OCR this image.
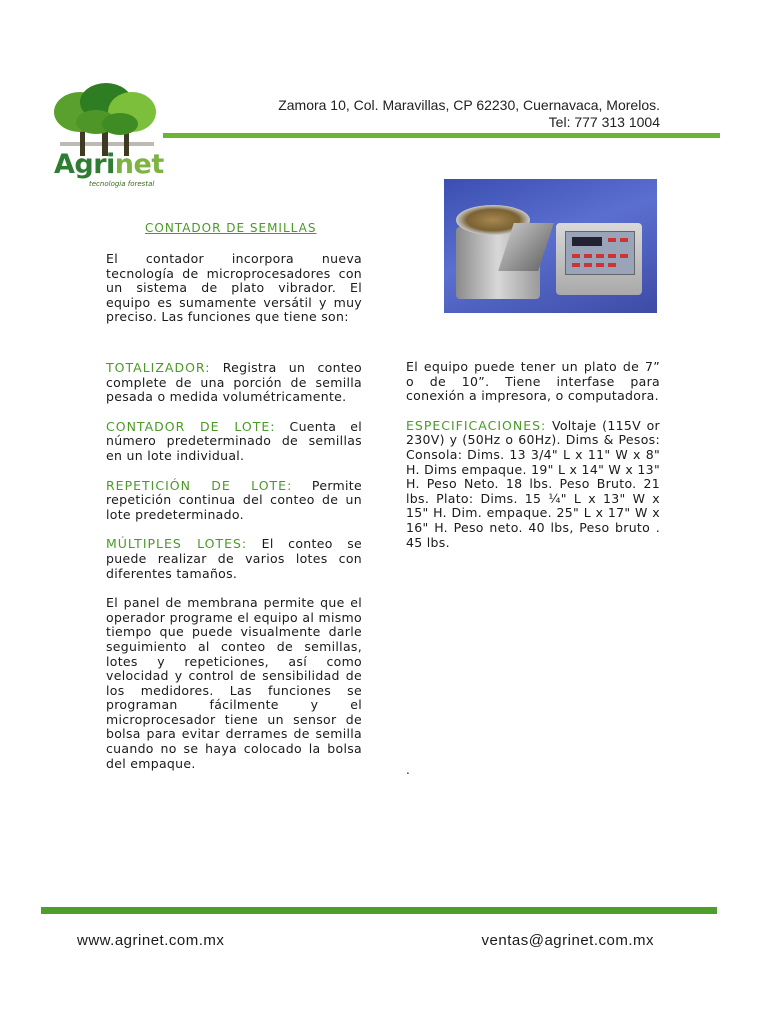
Agrinet
tecnologia forestal
Zamora 10, Col. Maravillas, CP 62230, Cuernavaca, Morelos.
Tel: 777 313 1004
CONTADOR DE SEMILLAS

El contador incorpora nueva tecnología de microprocesadores con un sistema de plato vibrador. El equipo es sumamente versátil y muy preciso. Las funciones que tiene son:

TOTALIZADOR: Registra un conteo complete de una porción de semilla pesada o medida volumétricamente.

CONTADOR DE LOTE: Cuenta el número predeterminado de semillas en un lote individual.

REPETICIÓN DE LOTE: Permite repetición continua del conteo de un lote predeterminado.

MÚLTIPLES LOTES: El conteo se puede realizar de varios lotes con diferentes tamaños.

El panel de membrana permite que el operador programe el equipo al mismo tiempo que puede visualmente darle seguimiento al conteo de semillas, lotes y repeticiones, así como velocidad y control de sensibilidad de los medidores. Las funciones se programan fácilmente y el microprocesador tiene un sensor de bolsa para evitar derrames de semilla cuando no se haya colocado la bolsa del empaque.

El equipo puede tener un plato de 7” o de 10”. Tiene interfase para conexión a impresora, o computadora.

ESPECIFICACIONES: Voltaje (115V or 230V) y (50Hz o 60Hz). Dims & Pesos: Consola: Dims. 13 3/4" L x 11" W x 8" H. Dims empaque. 19" L x 14" W x 13" H. Peso Neto. 18 lbs. Peso Bruto. 21 lbs. Plato: Dims. 15 ¼" L x 13" W x 15" H. Dim. empaque. 25" L x 17" W x 16" H. Peso neto. 40 lbs, Peso bruto . 45 lbs.

.
www.agrinet.com.mx	ventas@agrinet.com.mx
